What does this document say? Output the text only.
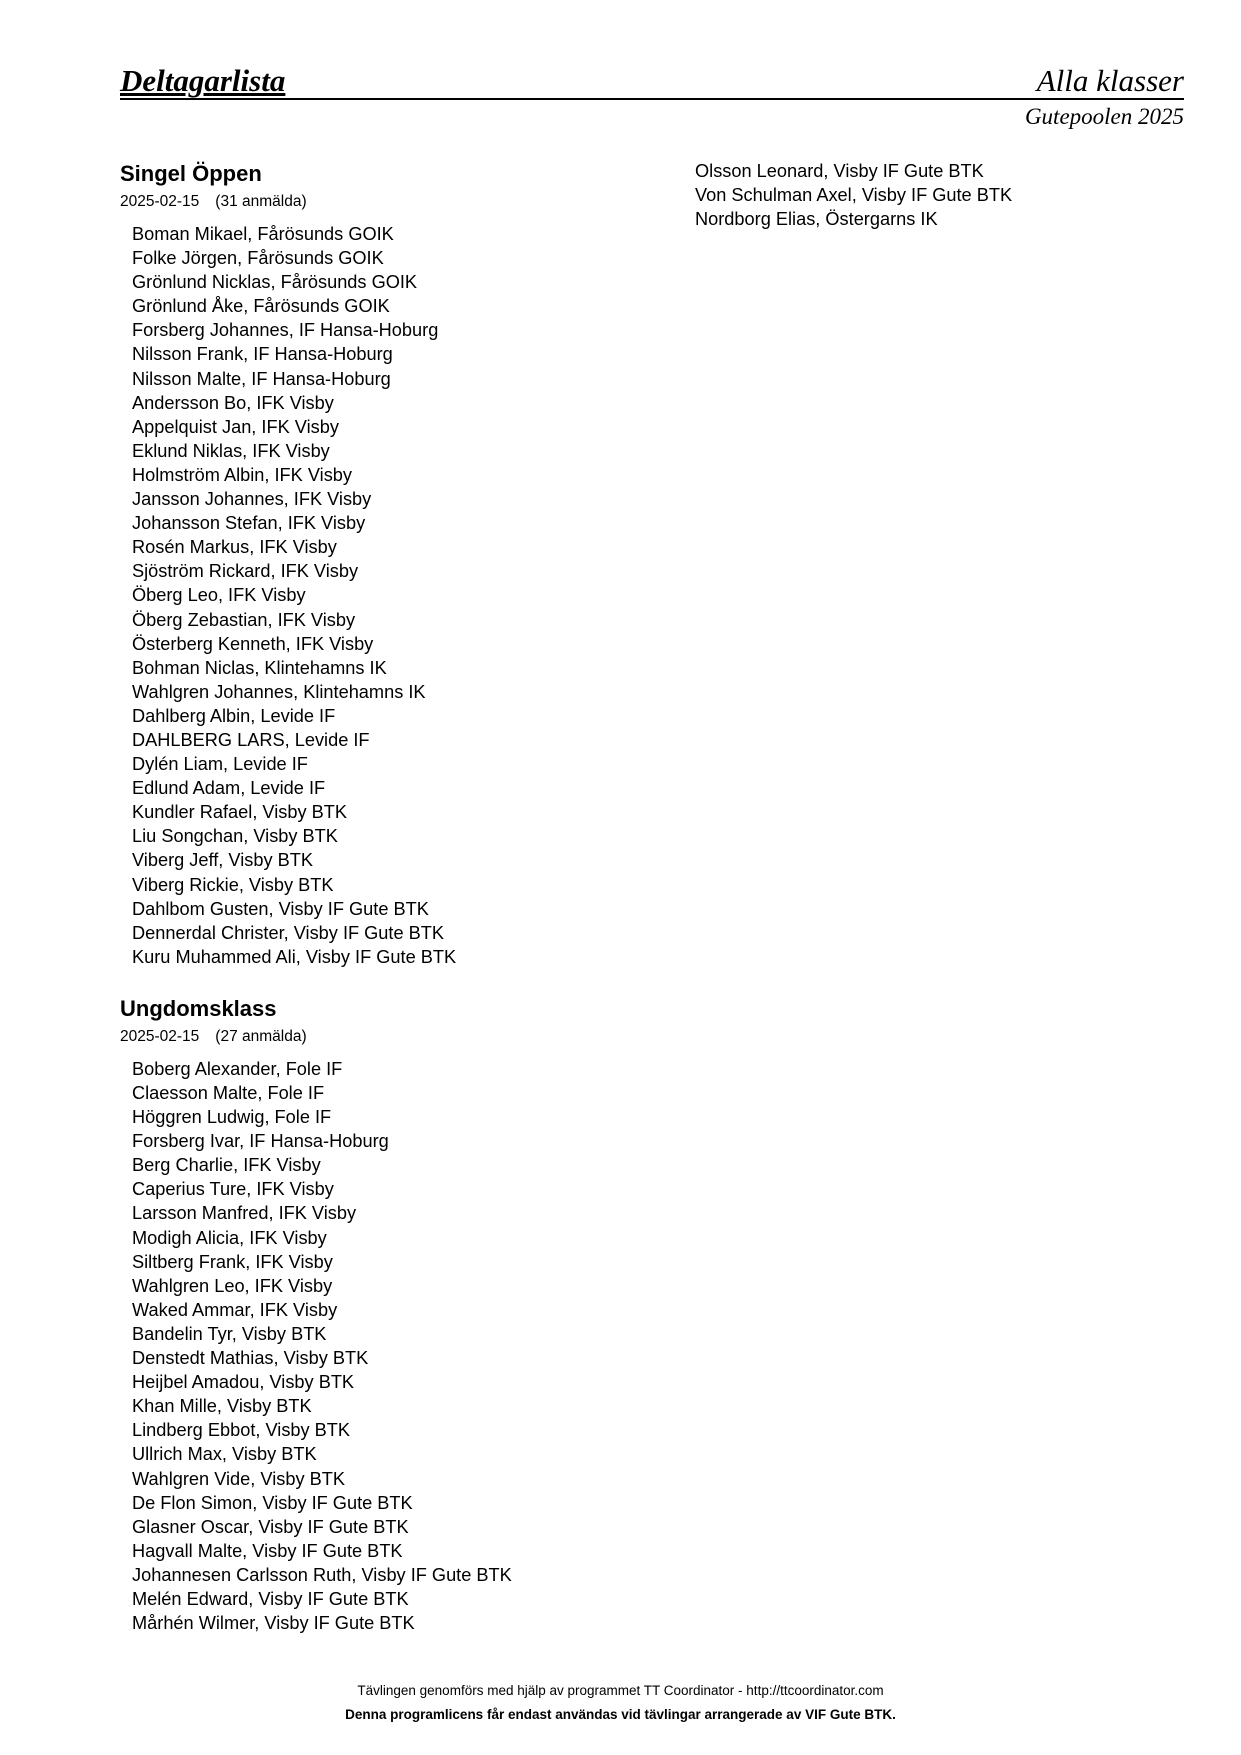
Deltagarlista	Alla klasser
Gutepoolen 2025
Singel Öppen
2025-02-15 (31 anmälda)
Boman Mikael, Fårösunds GOIK
Folke Jörgen, Fårösunds GOIK
Grönlund Nicklas, Fårösunds GOIK
Grönlund Åke, Fårösunds GOIK
Forsberg Johannes, IF Hansa-Hoburg
Nilsson Frank, IF Hansa-Hoburg
Nilsson Malte, IF Hansa-Hoburg
Andersson Bo, IFK Visby
Appelquist Jan, IFK Visby
Eklund Niklas, IFK Visby
Holmström Albin, IFK Visby
Jansson Johannes, IFK Visby
Johansson Stefan, IFK Visby
Rosén Markus, IFK Visby
Sjöström Rickard, IFK Visby
Öberg Leo, IFK Visby
Öberg Zebastian, IFK Visby
Österberg Kenneth, IFK Visby
Bohman Niclas, Klintehamns IK
Wahlgren Johannes, Klintehamns IK
Dahlberg Albin, Levide IF
DAHLBERG LARS, Levide IF
Dylén Liam, Levide IF
Edlund Adam, Levide IF
Kundler Rafael, Visby BTK
Liu Songchan, Visby BTK
Viberg Jeff, Visby BTK
Viberg Rickie, Visby BTK
Dahlbom Gusten, Visby IF Gute BTK
Dennerdal Christer, Visby IF Gute BTK
Kuru Muhammed Ali, Visby IF Gute BTK
Ungdomsklass
2025-02-15 (27 anmälda)
Boberg Alexander, Fole IF
Claesson Malte, Fole IF
Höggren Ludwig, Fole IF
Forsberg Ivar, IF Hansa-Hoburg
Berg Charlie, IFK Visby
Caperius Ture, IFK Visby
Larsson Manfred, IFK Visby
Modigh Alicia, IFK Visby
Siltberg Frank, IFK Visby
Wahlgren Leo, IFK Visby
Waked Ammar, IFK Visby
Bandelin Tyr, Visby BTK
Denstedt Mathias, Visby BTK
Heijbel Amadou, Visby BTK
Khan Mille, Visby BTK
Lindberg Ebbot, Visby BTK
Ullrich Max, Visby BTK
Wahlgren Vide, Visby BTK
De Flon Simon, Visby IF Gute BTK
Glasner Oscar, Visby IF Gute BTK
Hagvall Malte, Visby IF Gute BTK
Johannesen Carlsson Ruth, Visby IF Gute BTK
Melén Edward, Visby IF Gute BTK
Mårhén Wilmer, Visby IF Gute BTK
Olsson Leonard, Visby IF Gute BTK
Von Schulman Axel, Visby IF Gute BTK
Nordborg Elias, Östergarns IK
Tävlingen genomförs med hjälp av programmet TT Coordinator - http://ttcoordinator.com
Denna programlicens får endast användas vid tävlingar arrangerade av VIF Gute BTK.
